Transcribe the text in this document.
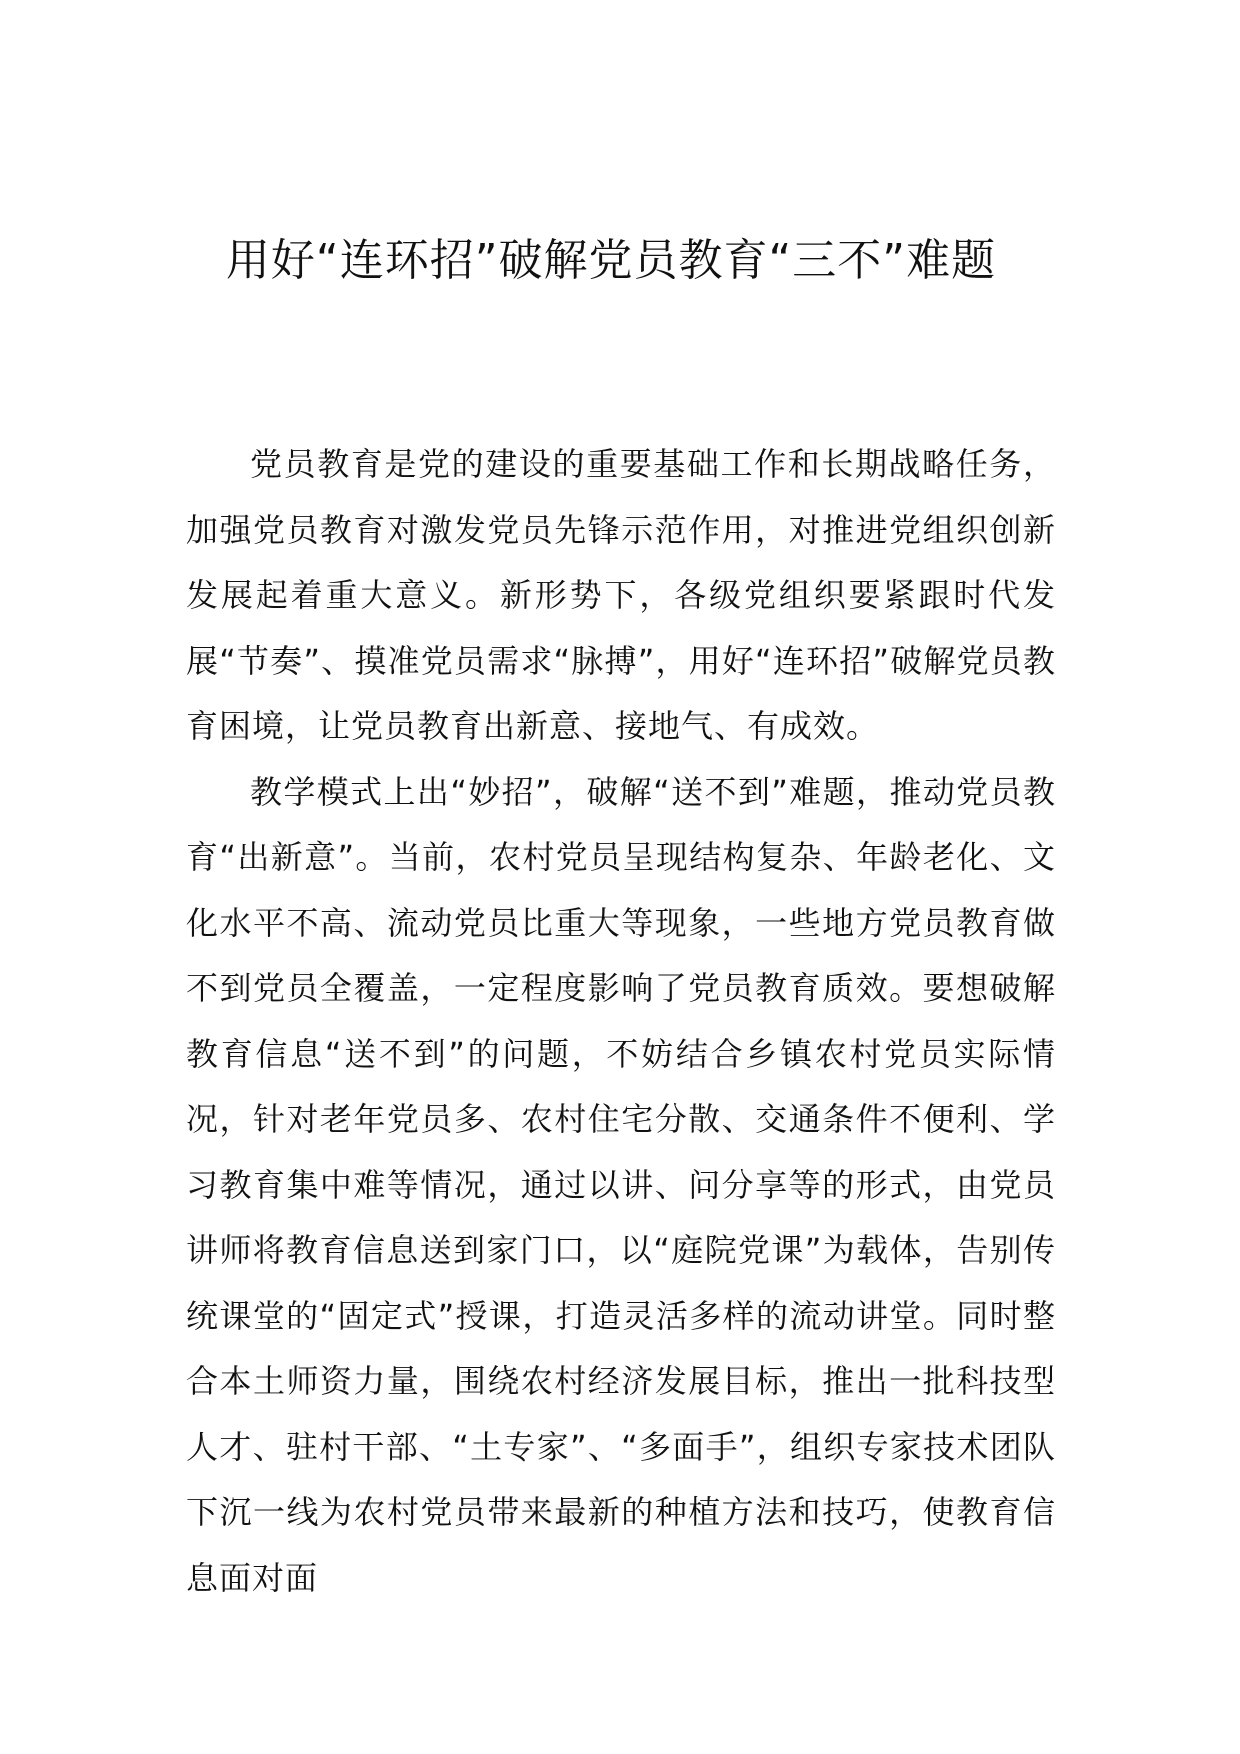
用好“连环招”破解党员教育“三不”难题

党员教育是党的建设的重要基础工作和长期战略任务，加强党员教育对激发党员先锋示范作用，对推进党组织创新发展起着重大意义。新形势下，各级党组织要紧跟时代发展“节奏”、摸准党员需求“脉搏”，用好“连环招”破解党员教育困境，让党员教育出新意、接地气、有成效。

教学模式上出“妙招”，破解“送不到”难题，推动党员教育“出新意”。当前，农村党员呈现结构复杂、年龄老化、文化水平不高、流动党员比重大等现象，一些地方党员教育做不到党员全覆盖，一定程度影响了党员教育质效。要想破解教育信息“送不到”的问题，不妨结合乡镇农村党员实际情况，针对老年党员多、农村住宅分散、交通条件不便利、学习教育集中难等情况，通过以讲、问分享等的形式，由党员讲师将教育信息送到家门口，以“庭院党课”为载体，告别传统课堂的“固定式”授课，打造灵活多样的流动讲堂。同时整合本土师资力量，围绕农村经济发展目标，推出一批科技型人才、驻村干部、“土专家”、“多面手”，组织专家技术团队下沉一线为农村党员带来最新的种植方法和技巧，使教育信息面对面
